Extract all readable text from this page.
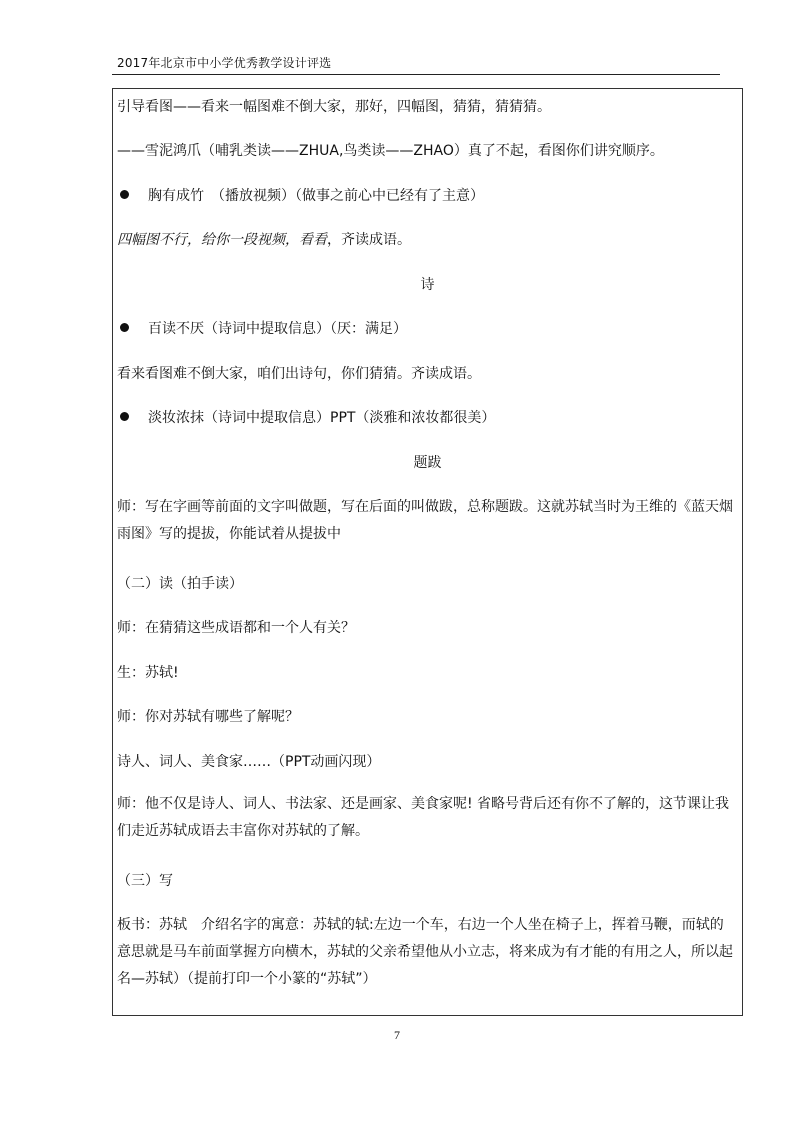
2017年北京市中小学优秀教学设计评选
引导看图——看来一幅图难不倒大家，那好，四幅图，猜猜，猜猜猜。
——雪泥鸿爪（哺乳类读——ZHUA,鸟类读——ZHAO）真了不起，看图你们讲究顺序。
胸有成竹　（播放视频）（做事之前心中已经有了主意）
四幅图不行，给你一段视频，看看，齐读成语。
诗
百读不厌（诗词中提取信息）（厌：满足）
看来看图难不倒大家，咱们出诗句，你们猜猜。齐读成语。
淡妆浓抹（诗词中提取信息）PPT（淡雅和浓妆都很美）
题跋
师：写在字画等前面的文字叫做题，写在后面的叫做跋，总称题跋。这就苏轼当时为王维的《蓝天烟雨图》写的提拔，你能试着从提拔中
（二）读（拍手读）
师：在猜猜这些成语都和一个人有关？
生：苏轼!
师：你对苏轼有哪些了解呢？
诗人、词人、美食家……（PPT动画闪现）
师：他不仅是诗人、词人、书法家、还是画家、美食家呢! 省略号背后还有你不了解的，这节课让我们走近苏轼成语去丰富你对苏轼的了解。
（三）写
板书：苏轼　介绍名字的寓意：苏轼的轼:左边一个车，右边一个人坐在椅子上，挥着马鞭，而轼的意思就是马车前面掌握方向横木，苏轼的父亲希望他从小立志，将来成为有才能的有用之人，所以起名—苏轼）（提前打印一个小篆的“苏轼”）
7
